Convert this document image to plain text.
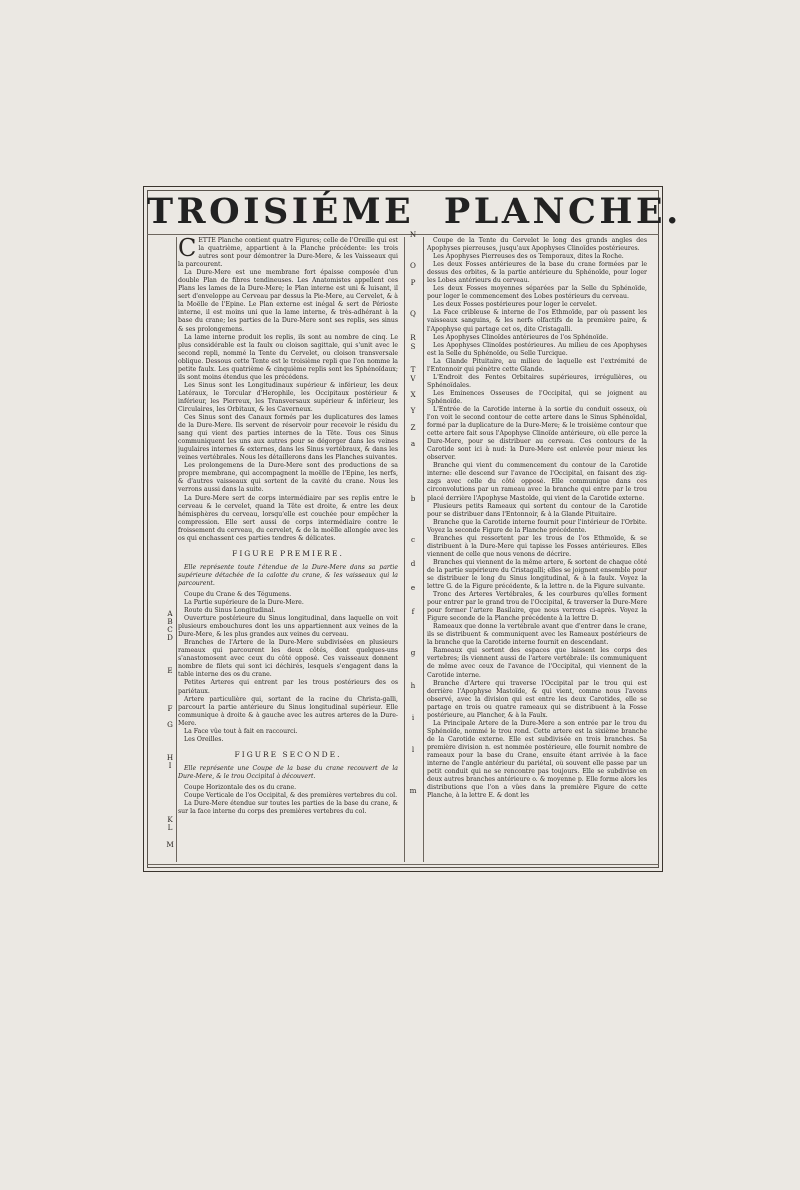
TROISIÉME PLANCHE.
A
B
C
D
E
F
G
H
I
K
L
M
N
O
P
Q
R
S
T
V
X
Y
Z
a
b
c
d
e
f
g
h
i
l
m

CETTE Planche contient quatre Figures; celle de l'Oreille qui est la quatrième, appartient à la Planche précédente: les trois autres sont pour démontrer la Dure-Mere, & les Vaisseaux qui la parcourent.

La Dure-Mere est une membrane fort épaisse composée d'un double Plan de fibres tendineuses. Les Anatomistes appellent ces Plans les lames de la Dure-Mere; le Plan interne est uni & luisant, il sert d'enveloppe au Cerveau par dessus la Pie-Mere, au Cervelet, & à la Moëlle de l'Epine. Le Plan externe est inégal & sert de Périoste interne, il est moins uni que la lame interne, & très-adhérant à la base du crane; les parties de la Dure-Mere sont ses replis, ses sinus & ses prolongemens.

La lame interne produit les replis, ils sont au nombre de cinq. Le plus considérable est la faulx ou cloison sagittale, qui s'unit avec le second repli, nommé la Tente du Cervelet, ou cloison transversale oblique. Dessous cette Tente est le troisième repli que l'on nomme la petite faulx. Les quatrième & cinquième replis sont les Sphénoïdaux; ils sont moins étendus que les précédens.

Les Sinus sont les Longitudinaux supérieur & inférieur, les deux Latéraux, le Torcular d'Herophile, les Occipitaux postérieur & inférieur, les Pierreux, les Transversaux supérieur & inférieur, les Circulaires, les Orbitaux, & les Caverneux.

Ces Sinus sont des Canaux formés par les duplicatures des lames de la Dure-Mere. Ils servent de réservoir pour recevoir le résidu du sang qui vient des parties internes de la Tête. Tous ces Sinus communiquent les uns aux autres pour se dégorger dans les veines jugulaires internes & externes, dans les Sinus vertébraux, & dans les veines vertébrales. Nous les détaillerons dans les Planches suivantes.

Les prolongemens de la Dure-Mere sont des productions de sa propre membrane, qui accompagnent la moëlle de l'Epine, les nerfs, & d'autres vaisseaux qui sortent de la cavité du crane. Nous les verrons aussi dans la suite.

La Dure-Mere sert de corps intermédiaire par ses replis entre le cerveau & le cervelet, quand la Tête est droite, & entre les deux hémisphères du cerveau, lorsqu'elle est couchée pour empêcher la compression. Elle sert aussi de corps intermédiaire contre le froissement du cerveau, du cervelet, & de la moëlle allongée avec les os qui enchassent ces parties tendres & délicates.

FIGURE PREMIERE.

Elle représente toute l'étendue de la Dure-Mere dans sa partie supérieure détachée de la calotte du crane, & les vaisseaux qui la parcourent.

Coupe du Crane & des Tégumens.

La Partie supérieure de la Dure-Mere.

Route du Sinus Longitudinal.

Ouverture postérieure du Sinus longitudinal, dans laquelle on voit plusieurs embouchures dont les uns appartiennent aux veines de la Dure-Mere, & les plus grandes aux veines du cerveau.

Branches de l'Artere de la Dure-Mere subdivisées en plusieurs rameaux qui parcourent les deux côtés, dont quelques-uns s'anastomosent avec ceux du côté opposé. Ces vaisseaux donnent nombre de filets qui sont ici déchirés, lesquels s'engagent dans la table interne des os du crane.

Petites Arteres qui entrent par les trous postérieurs des os pariétaux.

Artere particulière qui, sortant de la racine du Christa-galli, parcourt la partie antérieure du Sinus longitudinal supérieur. Elle communique à droite & à gauche avec les autres arteres de la Dure-Mere.

La Face vûe tout à fait en raccourci.

Les Oreilles.

FIGURE SECONDE.

Elle représente une Coupe de la base du crane recouvert de la Dure-Mere, & le trou Occipital à découvert.

Coupe Horizontale des os du crane.

Coupe Verticale de l'os Occipital, & des premières vertebres du col.

La Dure-Mere étendue sur toutes les parties de la base du crane, & sur la face interne du corps des premières vertebres du col.

Coupe de la Tente du Cervelet le long des grands angles des Apophyses pierreuses, jusqu'aux Apophyses Clinoïdes postérieures.

Les Apophyses Pierreuses des os Temporaux, dites la Roche.

Les deux Fosses antérieures de la base du crane formées par le dessus des orbites, & la partie antérieure du Sphénoïde, pour loger les Lobes antérieurs du cerveau.

Les deux Fosses moyennes séparées par la Selle du Sphénoïde, pour loger le commencement des Lobes postérieurs du cerveau.

Les deux Fosses postérieures pour loger le cervelet.

La Face cribleuse & interne de l'os Ethmoïde, par où passent les vaisseaux sanguins, & les nerfs olfactifs de la première paire, & l'Apophyse qui partage cet os, dite Cristagalli.

Les Apophyses Clinoïdes antérieures de l'os Sphénoïde.

Les Apophyses Clinoïdes postérieures. Au milieu de ces Apophyses est la Selle du Sphénoïde, ou Selle Turcique.

La Glande Pituitaire, au milieu de laquelle est l'extrémité de l'Entonnoir qui pénètre cette Glande.

L'Endroit des Fentes Orbitaires supérieures, irrégulières, ou Sphénoïdales.

Les Eminences Osseuses de l'Occipital, qui se joignent au Sphénoïde.

L'Entrée de la Carotide interne à la sortie du conduit osseux, où l'on voit le second contour de cette artere dans le Sinus Sphénoïdal, formé par la duplicature de la Dure-Mere; & le troisième contour que cette artere fait sous l'Apophyse Clinoïde antérieure, où elle perce la Dure-Mere, pour se distribuer au cerveau. Ces contours de la Carotide sont ici à nud: la Dure-Mere est enlevée pour mieux les observer.

Branche qui vient du commencement du contour de la Carotide interne: elle descend sur l'avance de l'Occipital, en faisant des zig-zags avec celle du côté opposé. Elle communique dans ces circonvolutions par un rameau avec la branche qui entre par le trou placé derrière l'Apophyse Mastoïde, qui vient de la Carotide externe.

Plusieurs petits Rameaux qui sortent du contour de la Carotide pour se distribuer dans l'Entonnoir, & à la Glande Pituitaire.

Branche que la Carotide interne fournit pour l'intérieur de l'Orbite. Voyez la seconde Figure de la Planche précédente.

Branches qui ressortent par les trous de l'os Ethmoïde, & se distribuent à la Dure-Mere qui tapisse les Fosses antérieures. Elles viennent de celle que nous venons de décrire.

Branches qui viennent de la même artere, & sortent de chaque côté de la partie supérieure du Cristagalli; elles se joignent ensemble pour se distribuer le long du Sinus longitudinal, & à la faulx. Voyez la lettre G. de la Figure précédente, & la lettre n. de la Figure suivante.

Tronc des Arteres Vertébrales, & les courbures qu'elles forment pour entrer par le grand trou de l'Occipital, & traverser la Dure-Mere pour former l'artere Basilaire, que nous verrons ci-après. Voyez la Figure seconde de la Planche précédente à la lettre D.

Rameaux que donne la vertébrale avant que d'entrer dans le crane, ils se distribuent & communiquent avec les Rameaux postérieurs de la branche que la Carotide interne fournit en descendant.

Rameaux qui sortent des espaces que laissent les corps des vertebres; ils viennent aussi de l'artere vertébrale: ils communiquent de même avec ceux de l'avance de l'Occipital, qui viennent de la Carotide interne.

Branche d'Artere qui traverse l'Occipital par le trou qui est derrière l'Apophyse Mastoïde, & qui vient, comme nous l'avons observé, avec la division qui est entre les deux Carotides, elle se partage en trois ou quatre rameaux qui se distribuent à la Fosse postérieure, au Plancher, & à la Faulx.

La Principale Artere de la Dure-Mere a son entrée par le trou du Sphénoïde, nommé le trou rond. Cette artere est la sixième branche de la Carotide externe. Elle est subdivisée en trois branches. Sa première division n. est nommée postérieure, elle fournit nombre de rameaux pour la base du Crane, ensuite étant arrivée à la face interne de l'angle antérieur du pariétal, où souvent elle passe par un petit conduit qui ne se rencontre pas toujours. Elle se subdivise en deux autres branches antérieure o. & moyenne p. Elle forme alors les distributions que l'on a vûes dans la première Figure de cette Planche, à la lettre E. & dont les
